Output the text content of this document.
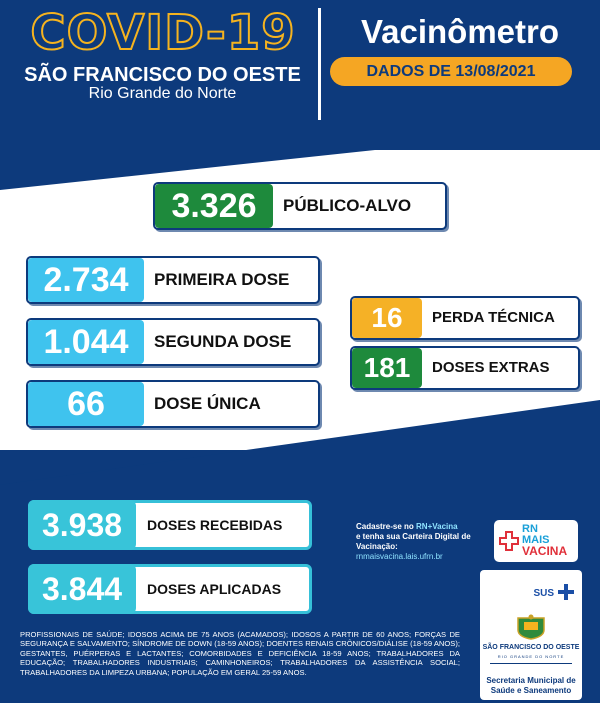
COVID-19
SÃO FRANCISCO DO OESTE
Rio Grande do Norte
Vacinômetro
DADOS DE 13/08/2021
3.326	PÚBLICO-ALVO
2.734	PRIMEIRA DOSE
1.044	SEGUNDA DOSE
66	DOSE ÚNICA
16	PERDA TÉCNICA
181	DOSES EXTRAS
3.938	DOSES RECEBIDAS
3.844	DOSES APLICADAS
PROFISSIONAIS DE SAÚDE; IDOSOS ACIMA DE 75 ANOS (ACAMADOS); IDOSOS A PARTIR DE 60 ANOS; FORÇAS DE SEGURANÇA E SALVAMENTO; SÍNDROME DE DOWN (18-59 ANOS); DOENTES RENAIS CRÔNICOS/DIÁLISE (18-59 ANOS); GESTANTES, PUÉRPERAS E LACTANTES; COMORBIDADES E DEFICIÊNCIA 18-59 ANOS; TRABALHADORES DA EDUCAÇÃO; TRABALHADORES INDUSTRIAIS; CAMINHONEIROS; TRABALHADORES DA ASSISTÊNCIA SOCIAL; TRABALHADORES DA LIMPEZA URBANA; POPULAÇÃO EM GERAL 25-59 ANOS.
Cadastre-se no RN+Vacina
e tenha sua Carteira Digital de Vacinação:
rnmaisvacina.lais.ufrn.br
RN
MAIS
VACINA
SUS
SÃO FRANCISCO DO OESTE
RIO GRANDE DO NORTE
Secretaria Municipal de
Saúde e Saneamento
